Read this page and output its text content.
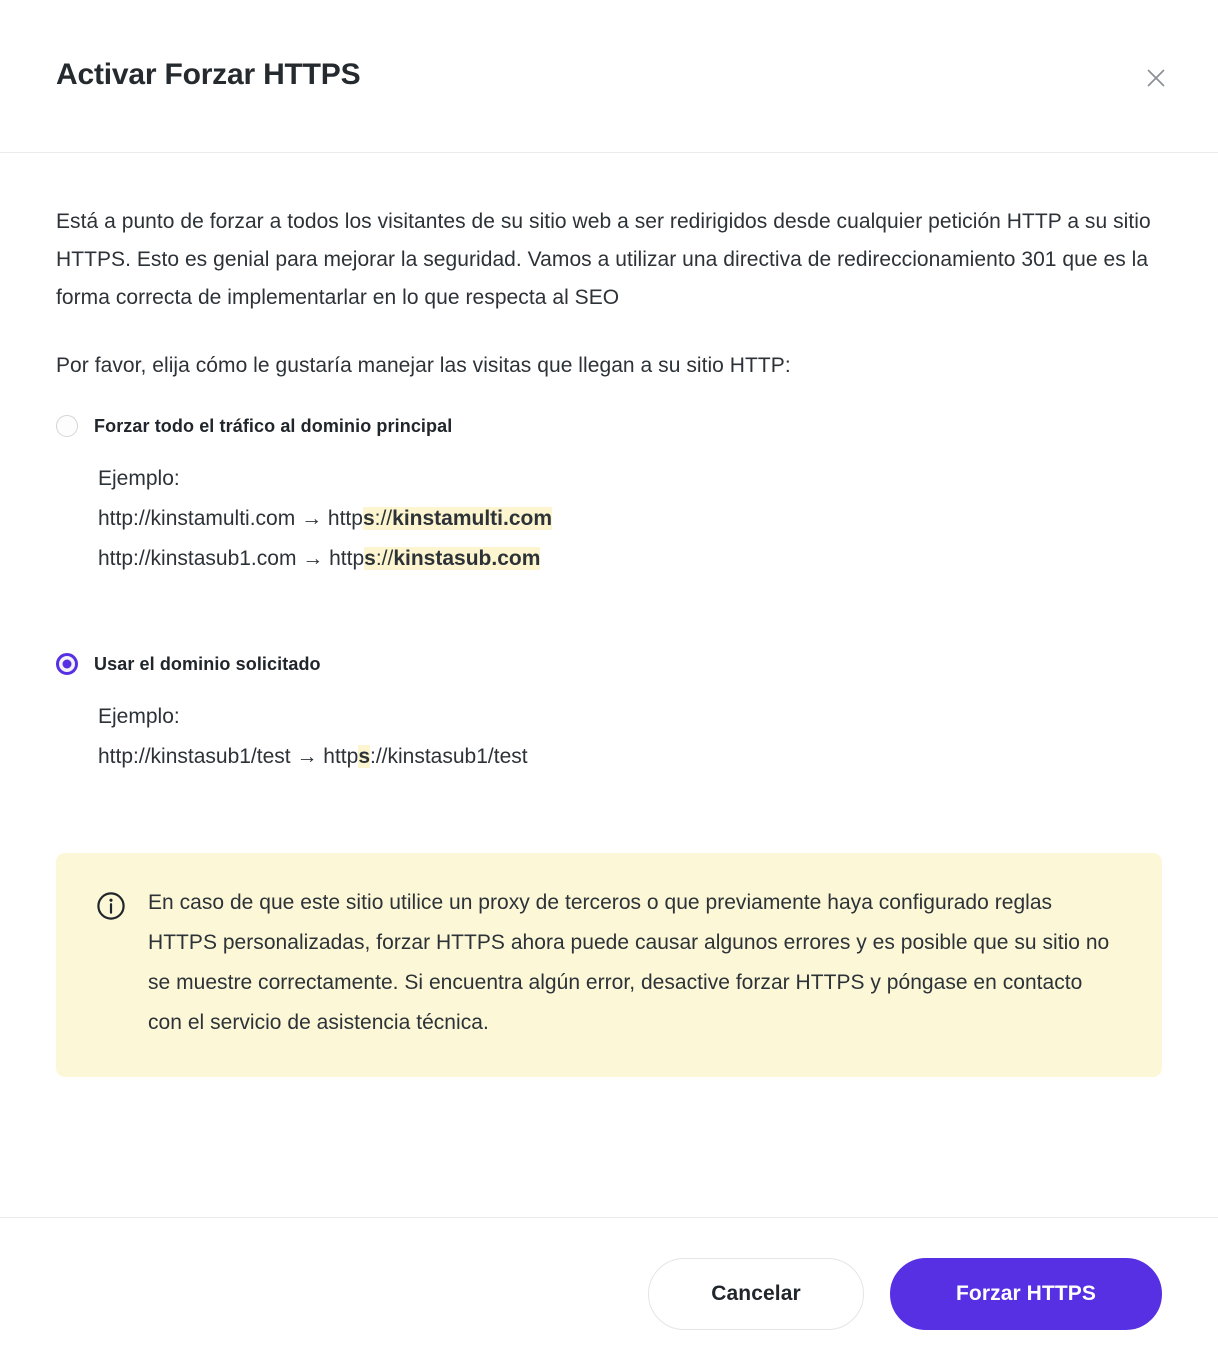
Activar Forzar HTTPS

Está a punto de forzar a todos los visitantes de su sitio web a ser redirigidos desde cualquier petición HTTP a su sitio HTTPS. Esto es genial para mejorar la seguridad. Vamos a utilizar una directiva de redireccionamiento 301 que es la forma correcta de implementarlar en lo que respecta al SEO

Por favor, elija cómo le gustaría manejar las visitas que llegan a su sitio HTTP:

Forzar todo el tráfico al dominio principal
Ejemplo:
http://kinstamulti.com → https://kinstamulti.com
http://kinstasub1.com → https://kinstasub.com
Usar el dominio solicitado
Ejemplo:
http://kinstasub1/test → https://kinstasub1/test
En caso de que este sitio utilice un proxy de terceros o que previamente haya configurado reglas HTTPS personalizadas, forzar HTTPS ahora puede causar algunos errores y es posible que su sitio no se muestre correctamente. Si encuentra algún error, desactive forzar HTTPS y póngase en contacto con el servicio de asistencia técnica.
Cancelar	Forzar HTTPS
